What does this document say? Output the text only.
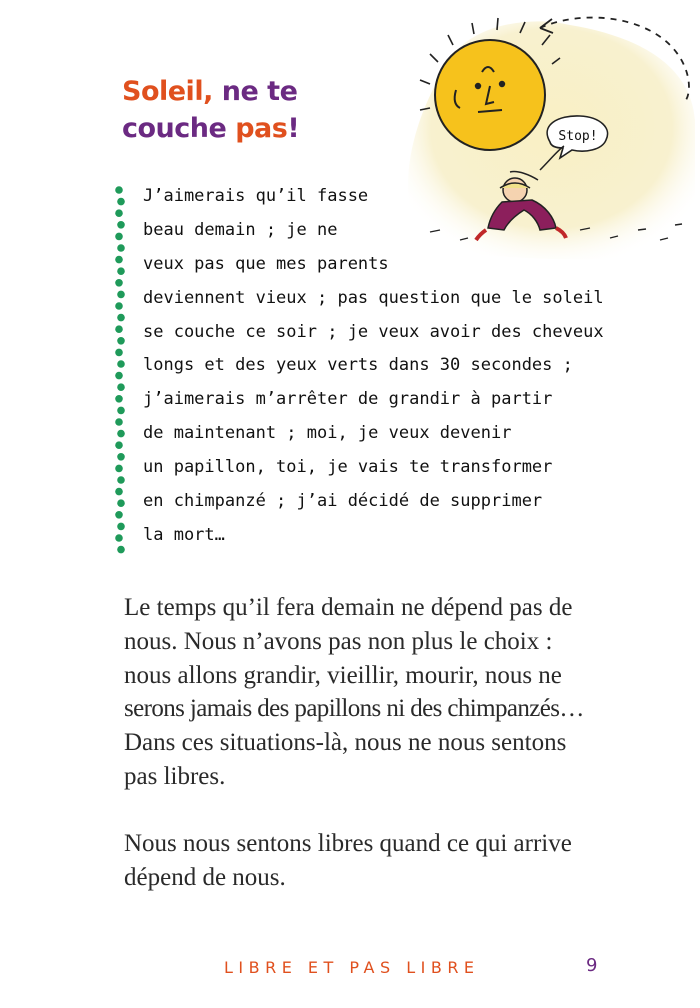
Stop!
Soleil, ne te
couche pas!
J’aimerais qu’il fasse
beau demain ; je ne
veux pas que mes parents
deviennent vieux ; pas question que le soleil
se couche ce soir ; je veux avoir des cheveux
longs et des yeux verts dans 30 secondes ;
j’aimerais m’arrêter de grandir à partir
de maintenant ; moi, je veux devenir
un papillon, toi, je vais te transformer
en chimpanzé ; j’ai décidé de supprimer
la mort…
Le temps qu’il fera demain ne dépend pas de
nous. Nous n’avons pas non plus le choix :
nous allons grandir, vieillir, mourir, nous ne
serons jamais des papillons ni des chimpanzés…
Dans ces situations-là, nous ne nous sentons
pas libres.
Nous nous sentons libres quand ce qui arrive
dépend de nous.
LIBRE ET PAS LIBRE	9
